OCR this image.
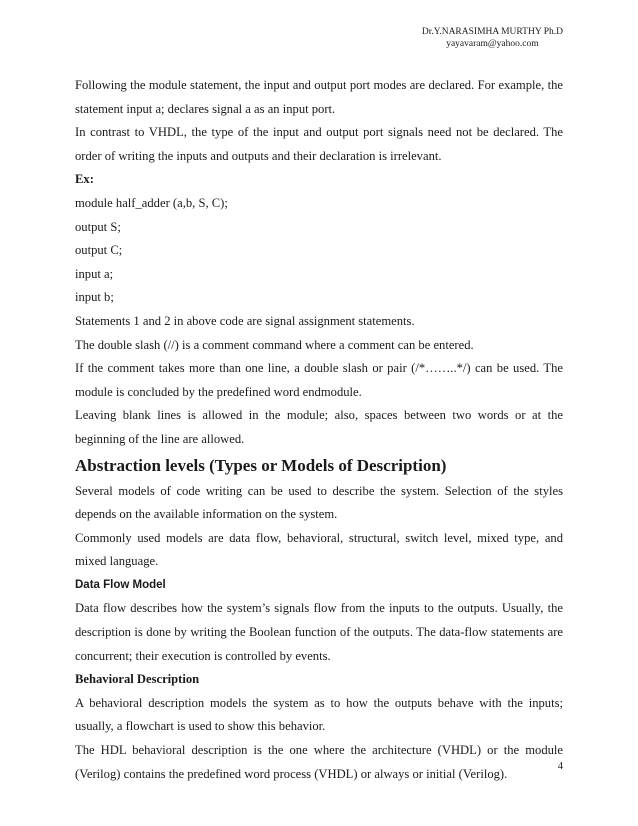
Dr.Y.NARASIMHA MURTHY Ph.D
yayavaram@yahoo.com

Following the module statement, the input and output port modes are declared. For example, the statement input a; declares signal a as an input port.

In contrast to VHDL, the type of the input and output port signals need not be declared. The order of writing the inputs and outputs and their declaration is irrelevant.

Ex:

module half_adder (a,b, S, C);

output S;

output C;

input a;

input b;

Statements 1 and 2 in above code are signal assignment statements.

The double slash (//) is a comment command where a comment can be entered.

If the comment takes more than one line, a double slash or pair (/*……..*/) can be used. The module is concluded by the predefined word endmodule.

Leaving blank lines is allowed in the module; also, spaces between two words or at the beginning of the line are allowed.

Abstraction levels (Types or Models of Description)

Several models of code writing can be used to describe the system. Selection of the styles depends on the available information on the system.

Commonly used models are data flow, behavioral, structural, switch level, mixed type, and mixed language.

Data Flow Model

Data flow describes how the system’s signals flow from the inputs to the outputs. Usually, the description is done by writing the Boolean function of the outputs. The data-flow statements are concurrent; their execution is controlled by events.

Behavioral Description

A behavioral description models the system as to how the outputs behave with the inputs; usually, a flowchart is used to show this behavior.

The HDL behavioral description is the one where the architecture (VHDL) or the module (Verilog) contains the predefined word process (VHDL) or always or initial (Verilog).

4
